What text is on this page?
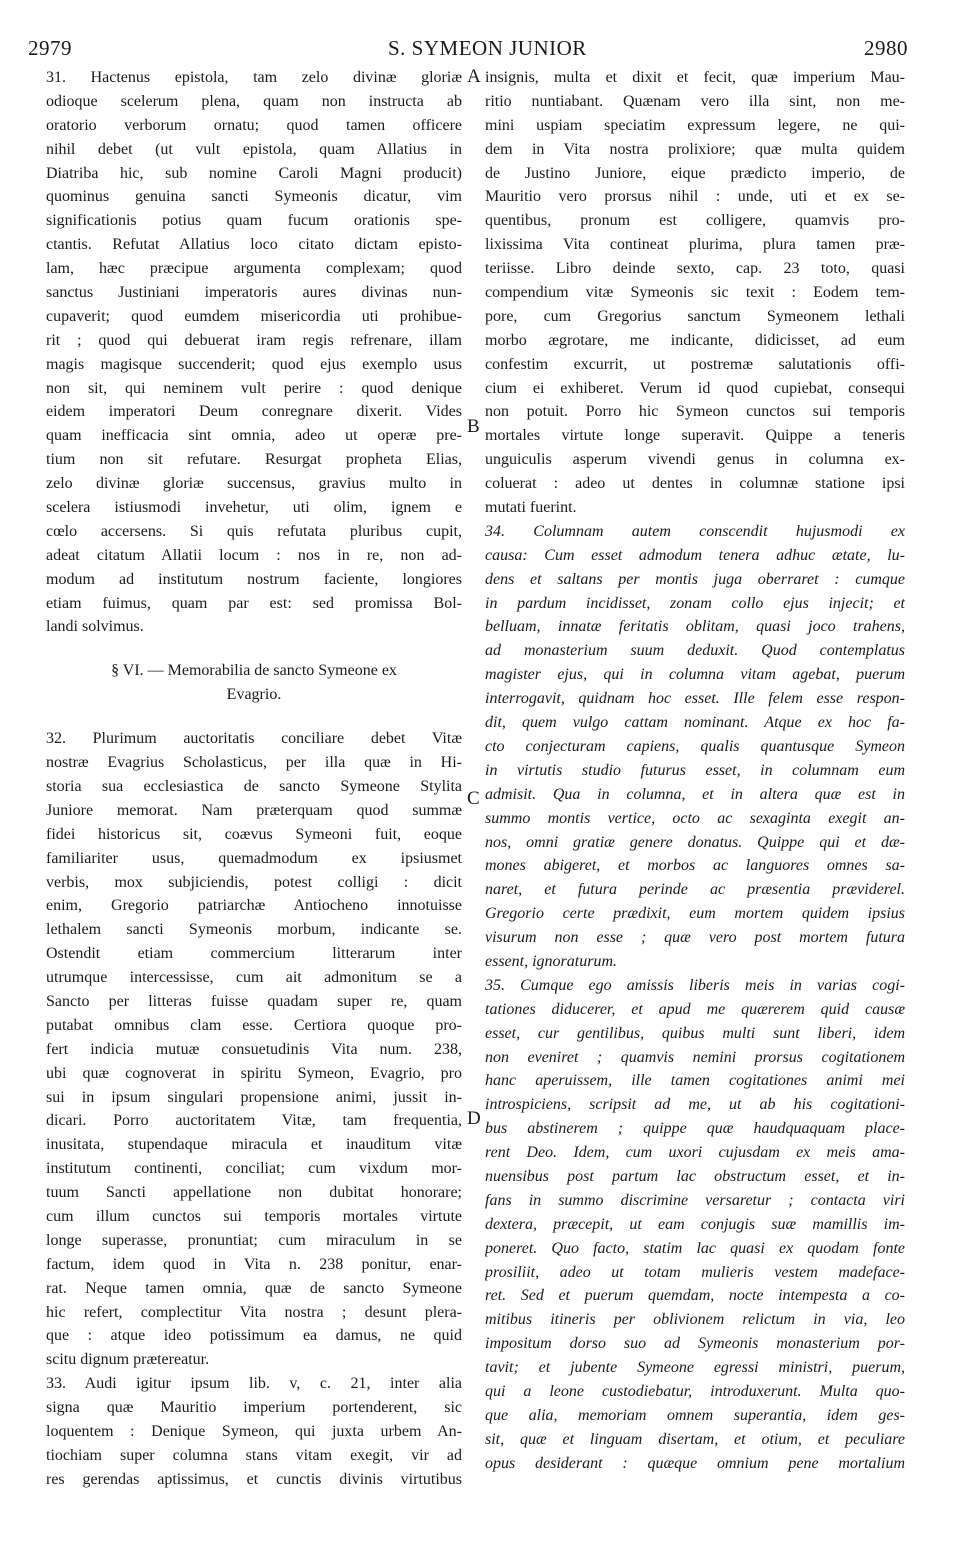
2979	S. SYMEON JUNIOR	2980
31. Hactenus epistola, tam zelo divinæ gloriæ
odioque scelerum plena, quam non instructa ab
oratorio verborum ornatu; quod tamen officere
nihil debet (ut vult epistola, quam Allatius in
Diatriba hic, sub nomine Caroli Magni producit)
quominus genuina sancti Symeonis dicatur, vim
significationis potius quam fucum orationis spe-
ctantis. Refutat Allatius loco citato dictam episto-
lam, hæc præcipue argumenta complexam; quod
sanctus Justiniani imperatoris aures divinas nun-
cupaverit; quod eumdem misericordia uti prohibue-
rit ; quod qui debuerat iram regis refrenare, illam
magis magisque succenderit; quod ejus exemplo usus
non sit, qui neminem vult perire : quod denique
eidem imperatori Deum conregnare dixerit. Vides
quam inefficacia sint omnia, adeo ut operæ pre-
tium non sit refutare. Resurgat propheta Elias,
zelo divinæ gloriæ succensus, gravius multo in
scelera istiusmodi invehetur, uti olim, ignem e
cœlo accersens. Si quis refutata pluribus cupit,
adeat citatum Allatii locum : nos in re, non ad-
modum ad institutum nostrum faciente, longiores
etiam fuimus, quam par est: sed promissa Bol-
landi solvimus.
§ VI. — Memorabilia de sancto Symeone ex
Evagrio.
32. Plurimum auctoritatis conciliare debet Vitæ
nostræ Evagrius Scholasticus, per illa quæ in Hi-
storia sua ecclesiastica de sancto Symeone Stylita
Juniore memorat. Nam præterquam quod summæ
fidei historicus sit, coævus Symeoni fuit, eoque
familiariter usus, quemadmodum ex ipsiusmet
verbis, mox subjiciendis, potest colligi : dicit
enim, Gregorio patriarchæ Antiocheno innotuisse
lethalem sancti Symeonis morbum, indicante se.
Ostendit etiam commercium litterarum inter
utrumque intercessisse, cum ait admonitum se a
Sancto per litteras fuisse quadam super re, quam
putabat omnibus clam esse. Certiora quoque pro-
fert indicia mutuæ consuetudinis Vita num. 238,
ubi quæ cognoverat in spiritu Symeon, Evagrio, pro
sui in ipsum singulari propensione animi, jussit in-
dicari. Porro auctoritatem Vitæ, tam frequentia,
inusitata, stupendaque miracula et inauditum vitæ
institutum continenti, conciliat; cum vixdum mor-
tuum Sancti appellatione non dubitat honorare;
cum illum cunctos sui temporis mortales virtute
longe superasse, pronuntiat; cum miraculum in se
factum, idem quod in Vita n. 238 ponitur, enar-
rat. Neque tamen omnia, quæ de sancto Symeone
hic refert, complectitur Vita nostra ; desunt plera-
que : atque ideo potissimum ea damus, ne quid
scitu dignum prætereatur.
33. Audi igitur ipsum lib. v, c. 21, inter alia
signa quæ Mauritio imperium portenderent, sic
loquentem : Denique Symeon, qui juxta urbem An-
tiochiam super columna stans vitam exegit, vir ad
res gerendas aptissimus, et cunctis divinis virtutibus
insignis, multa et dixit et fecit, quæ imperium Mau-
ritio nuntiabant. Quænam vero illa sint, non me-
mini uspiam speciatim expressum legere, ne qui-
dem in Vita nostra prolixiore; quæ multa quidem
de Justino Juniore, eique prædicto imperio, de
Mauritio vero prorsus nihil : unde, uti et ex se-
quentibus, pronum est colligere, quamvis pro-
lixissima Vita contineat plurima, plura tamen præ-
teriisse. Libro deinde sexto, cap. 23 toto, quasi
compendium vitæ Symeonis sic texit : Eodem tem-
pore, cum Gregorius sanctum Symeonem lethali
morbo ægrotare, me indicante, didicisset, ad eum
confestim excurrit, ut postremæ salutationis offi-
cium ei exhiberet. Verum id quod cupiebat, consequi
non potuit. Porro hic Symeon cunctos sui temporis
mortales virtute longe superavit. Quippe a teneris
unguiculis asperum vivendi genus in columna ex-
coluerat : adeo ut dentes in columnæ statione ipsi
mutati fuerint.
34. Columnam autem conscendit hujusmodi ex
causa: Cum esset admodum tenera adhuc ætate, lu-
dens et saltans per montis juga oberraret : cumque
in pardum incidisset, zonam collo ejus injecit; et
belluam, innatæ feritatis oblitam, quasi joco trahens,
ad monasterium suum deduxit. Quod contemplatus
magister ejus, qui in columna vitam agebat, puerum
interrogavit, quidnam hoc esset. Ille felem esse respon-
dit, quem vulgo cattam nominant. Atque ex hoc fa-
cto conjecturam capiens, qualis quantusque Symeon
in virtutis studio futurus esset, in columnam eum
admisit. Qua in columna, et in altera quæ est in
summo montis vertice, octo ac sexaginta exegit an-
nos, omni gratiæ genere donatus. Quippe qui et dæ-
mones abigeret, et morbos ac languores omnes sa-
naret, et futura perinde ac præsentia præviderel.
Gregorio certe prædixit, eum mortem quidem ipsius
visurum non esse ; quæ vero post mortem futura
essent, ignoraturum.
35. Cumque ego amissis liberis meis in varias cogi-
tationes diducerer, et apud me quærerem quid causæ
esset, cur gentilibus, quibus multi sunt liberi, idem
non eveniret ; quamvis nemini prorsus cogitationem
hanc aperuissem, ille tamen cogitationes animi mei
introspiciens, scripsit ad me, ut ab his cogitationi-
bus abstinerem ; quippe quæ haudquaquam place-
rent Deo. Idem, cum uxori cujusdam ex meis ama-
nuensibus post partum lac obstructum esset, et in-
fans in summo discrimine versaretur ; contacta viri
dextera, præcepit, ut eam conjugis suæ mamillis im-
poneret. Quo facto, statim lac quasi ex quodam fonte
prosiliit, adeo ut totam mulieris vestem madeface-
ret. Sed et puerum quemdam, nocte intempesta a co-
mitibus itineris per oblivionem relictum in via, leo
impositum dorso suo ad Symeonis monasterium por-
tavit; et jubente Symeone egressi ministri, puerum,
qui a leone custodiebatur, introduxerunt. Multa quo-
que alia, memoriam omnem superantia, idem ges-
sit, quæ et linguam disertam, et otium, et peculiare
opus desiderant : quæque omnium pene mortalium
A
B
C
D
